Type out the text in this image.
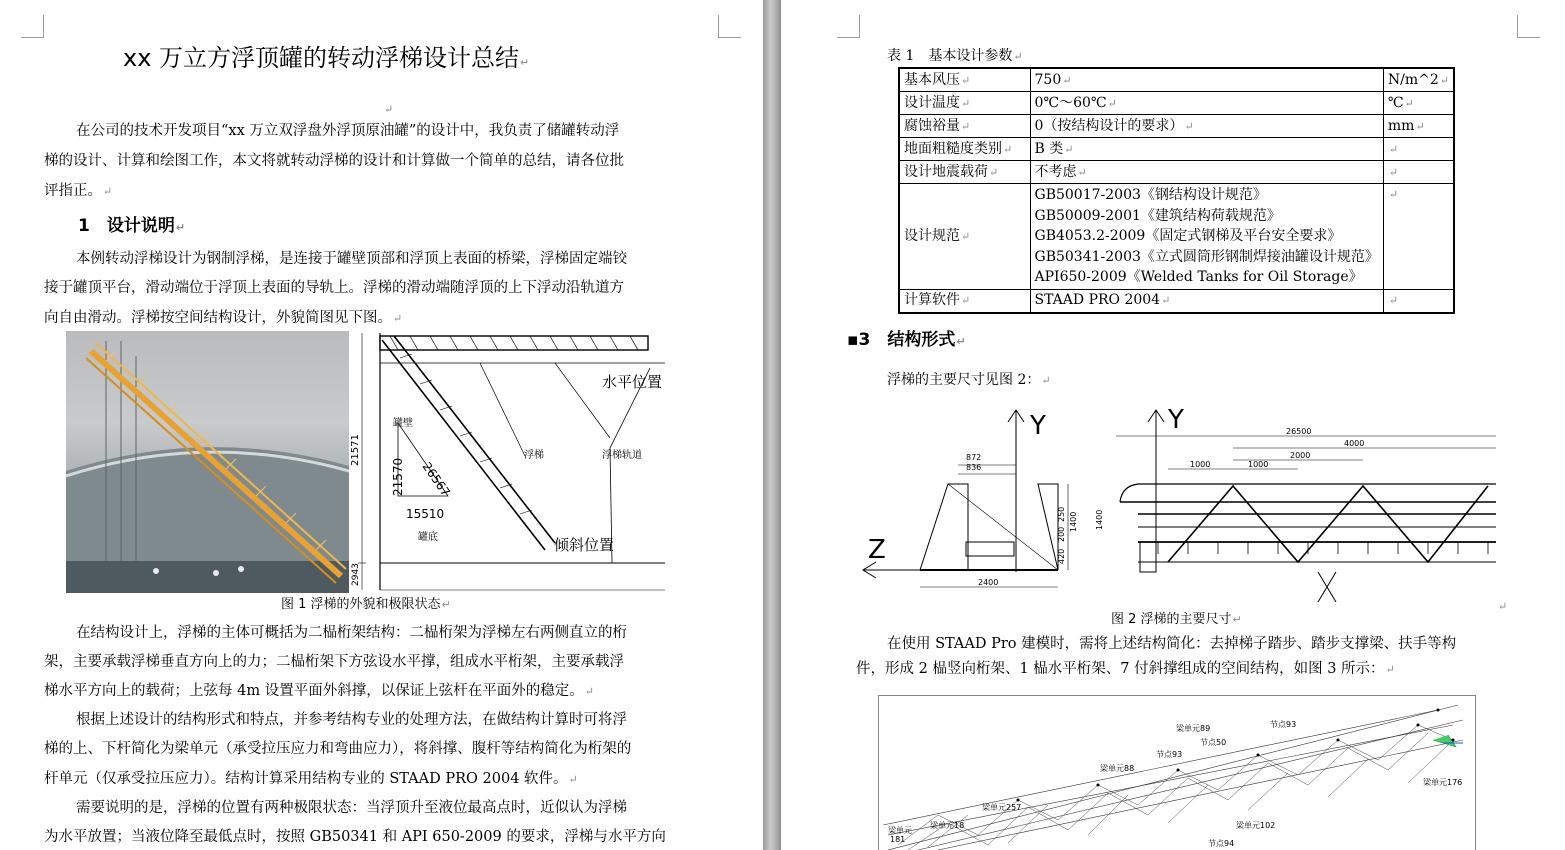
xx 万立方浮顶罐的转动浮梯设计总结↵
↵
在公司的技术开发项目“xx 万立双浮盘外浮顶原油罐”的设计中，我负责了储罐转动浮
梯的设计、计算和绘图工作，本文将就转动浮梯的设计和计算做一个简单的总结，请各位批
评指正。↵
1　设计说明↵
本例转动浮梯设计为钢制浮梯，是连接于罐壁顶部和浮顶上表面的桥梁，浮梯固定端铰
接于罐顶平台，滑动端位于浮顶上表面的导轨上。浮梯的滑动端随浮顶的上下浮动沿轨道方
向自由滑动。浮梯按空间结构设计，外貌简图见下图。↵
21571
2943
罐壁
水平位置
浮梯	浮梯轨道
罐底	倾斜位置
21570 26567
15510
图 1 浮梯的外貌和极限状态↵
在结构设计上，浮梯的主体可概括为二榀桁架结构：二榀桁架为浮梯左右两侧直立的桁
架，主要承载浮梯垂直方向上的力；二榀桁架下方弦设水平撑，组成水平桁架，主要承载浮
梯水平方向上的载荷；上弦每 4m 设置平面外斜撑，以保证上弦杆在平面外的稳定。↵
根据上述设计的结构形式和特点，并参考结构专业的处理方法，在做结构计算时可将浮
梯的上、下杆简化为梁单元（承受拉压应力和弯曲应力），将斜撑、腹杆等结构简化为桁架的
杆单元（仅承受拉压应力）。结构计算采用结构专业的 STAAD PRO 2004 软件。↵
需要说明的是，浮梯的位置有两种极限状态：当浮顶升至液位最高点时，近似认为浮梯
为水平放置；当液位降至最低点时，按照 GB50341 和 API 650-2009 的要求，浮梯与水平方向
表 1　基本设计参数↵
基本风压↵	750↵	N/m^2↵
设计温度↵	0℃～60℃↵	℃↵
腐蚀裕量↵	0（按结构设计的要求）↵	mm↵
地面粗糙度类别↵	B 类↵	↵
设计地震载荷↵	不考虑↵	↵
设计规范↵	GB50017-2003《钢结构设计规范》
GB50009-2001《建筑结构荷载规范》
GB4053.2-2009《固定式钢梯及平台安全要求》
GB50341-2003《立式圆筒形钢制焊接油罐设计规范》
API650-2009《Welded Tanks for Oil Storage》	↵
计算软件↵	STAAD PRO 2004↵	↵
▪3　结构形式↵
浮梯的主要尺寸见图 2：↵
Y
Z
872
836
2400
250
200
420
1400
Y	26500
4000
2000
1000	1000
1400
图 2 浮梯的主要尺寸↵
↵
在使用 STAAD Pro 建模时，需将上述结构简化：去掉梯子踏步、踏步支撑梁、扶手等构
件，形成 2 榀竖向桁架、1 榀水平桁架、7 付斜撑组成的空间结构，如图 3 所示：↵
梁单元89
节点50
节点93
节点93
梁单元88
梁单元257
梁单元18	梁单元102
梁单元
181	节点94
梁单元176
